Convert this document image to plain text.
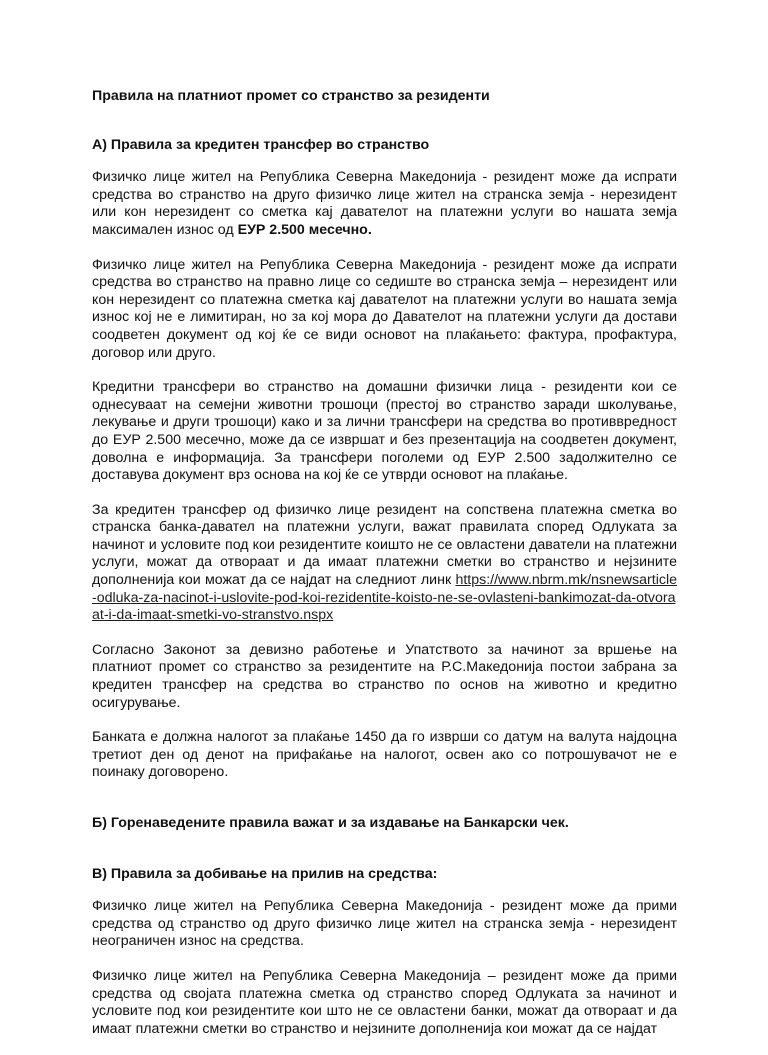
Правила на платниот промет со странство за резиденти
А) Правила за кредитен трансфер во странство

Физичко лице жител на Република Северна Македонија - резидент може да испрати средства во странство на друго физичко лице жител на странска земја - нерезидент или кон нерезидент со сметка кај давателот на платежни услуги во нашата земја максимален износ од ЕУР 2.500 месечно.

Физичко лице жител на Република Северна Македонија - резидент може да испрати средства во странство на правно лице со седиште во странска земја – нерезидент или кон нерезидент со платежна сметка кај давателот на платежни услуги во нашата земја износ кој не е лимитиран, но за кој мора до Давателот на платежни услуги да достави соодветен документ од кој ќе се види основот на плаќањето: фактура, профактура, договор или друго.

Кредитни трансфери во странство на домашни физички лица - резиденти кои се однесуваат на семејни животни трошоци (престој во странство заради школување, лекување и други трошоци) како и за лични трансфери на средства во противвредност до ЕУР 2.500 месечно, може да се извршат и без презентација на соодветен документ, доволна е информација. За трансфери поголеми од ЕУР 2.500 задолжително се доставува документ врз основа на кој ќе се утврди основот на плаќање.

За кредитен трансфер од физичко лице резидент на сопствена платежна сметка во странска банка-давател на платежни услуги, важат правилата според Одлуката за начинот и условите под кои резидентите коишто не се овластени даватели на платежни услуги, можат да отвораат и да имаат платежни сметки во странство и нејзините дополненија кои можат да се најдат на следниот линк https://www.nbrm.mk/nsnewsarticle-odluka-za-nacinot-i-uslovite-pod-koi-rezidentite-koisto-ne-se-ovlasteni-bankimozat-da-otvoraat-i-da-imaat-smetki-vo-stranstvo.nspx

Согласно Законот за девизно работење и Упатството за начинот за вршење на платниот промет со странство за резидентите на Р.С.Македонија постои забрана за кредитен трансфер на средства во странство по основ на животно и кредитно осигурување.

Банката е должна налогот за плаќање 1450 да го изврши со датум на валута најдоцна третиот ден од денот на прифаќање на налогот, освен ако со потрошувачот не е поинаку договорено.

Б) Горенаведените правила важат и за издавање на Банкарски чек.
В) Правила за добивање на прилив на средства:

Физичко лице жител на Република Северна Македонија - резидент може да прими средства од странство од друго физичко лице жител на странска земја - нерезидент неограничен износ на средства.

Физичко лице жител на Република Северна Македонија – резидент може да прими средства од својата платежна сметка од странство според Одлуката за начинот и условите под кои резидентите кои што не се овластени банки, можат да отвораат и да имаат платежни сметки во странство и нејзините дополненија кои можат да се најдат
